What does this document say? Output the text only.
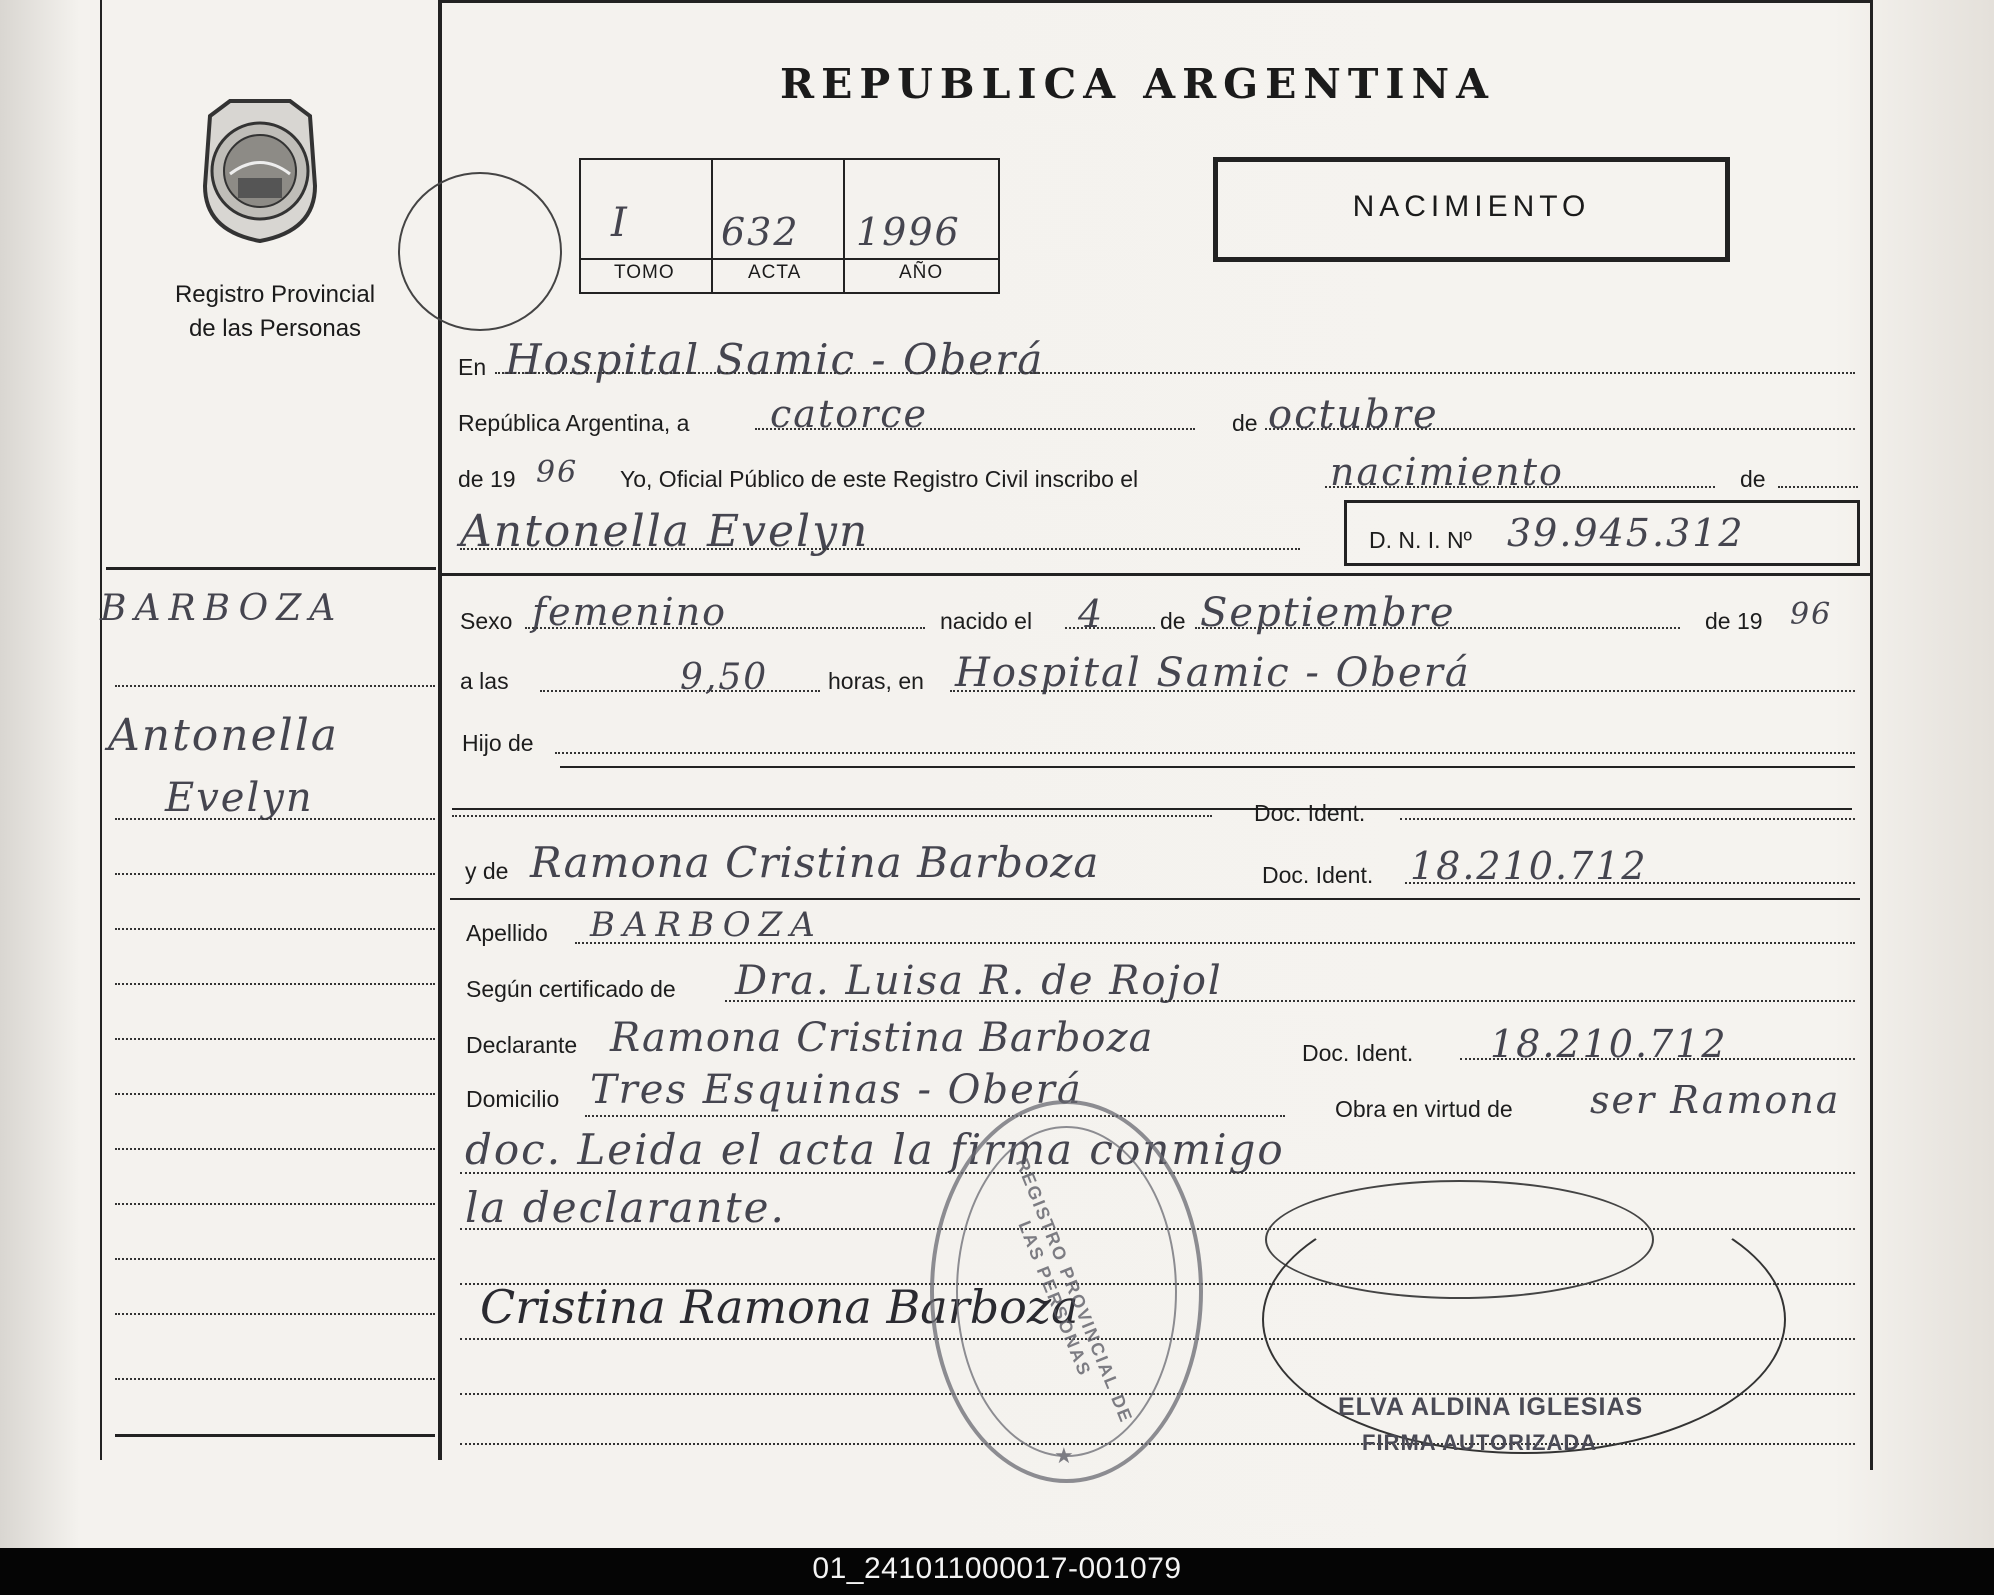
Registro Provincial
de las Personas
REPUBLICA ARGENTINA
I 632 1996
TOMO	ACTA	AÑO
NACIMIENTO
BARBOZA
Antonella
Evelyn
En Hospital Samic - Oberá
República Argentina, a catorce	de octubre
de 19 96 Yo, Oficial Público de este Registro Civil inscribo el	nacimiento	de
Antonella Evelyn	D. N. I. Nº 39.945.312
Sexo femenino	nacido el 4 de Septiembre	de 19 96
a las	9,50	horas, en Hospital Samic - Oberá
Hijo de
Doc. Ident.
y de Ramona Cristina Barboza	Doc. Ident. 18.210.712
Apellido BARBOZA
Según certificado de Dra. Luisa R. de Rojol
Declarante Ramona Cristina Barboza	Doc. Ident. 18.210.712
Domicilio Tres Esquinas - Oberá	Obra en virtud de ser Ramona
doc. Leida el acta la firma conmigo
la declarante.
Cristina Ramona Barboza
REGISTRO PROVINCIAL DE LAS PERSONAS
★
ELVA ALDINA IGLESIAS
FIRMA AUTORIZADA
01_241011000017-001079
